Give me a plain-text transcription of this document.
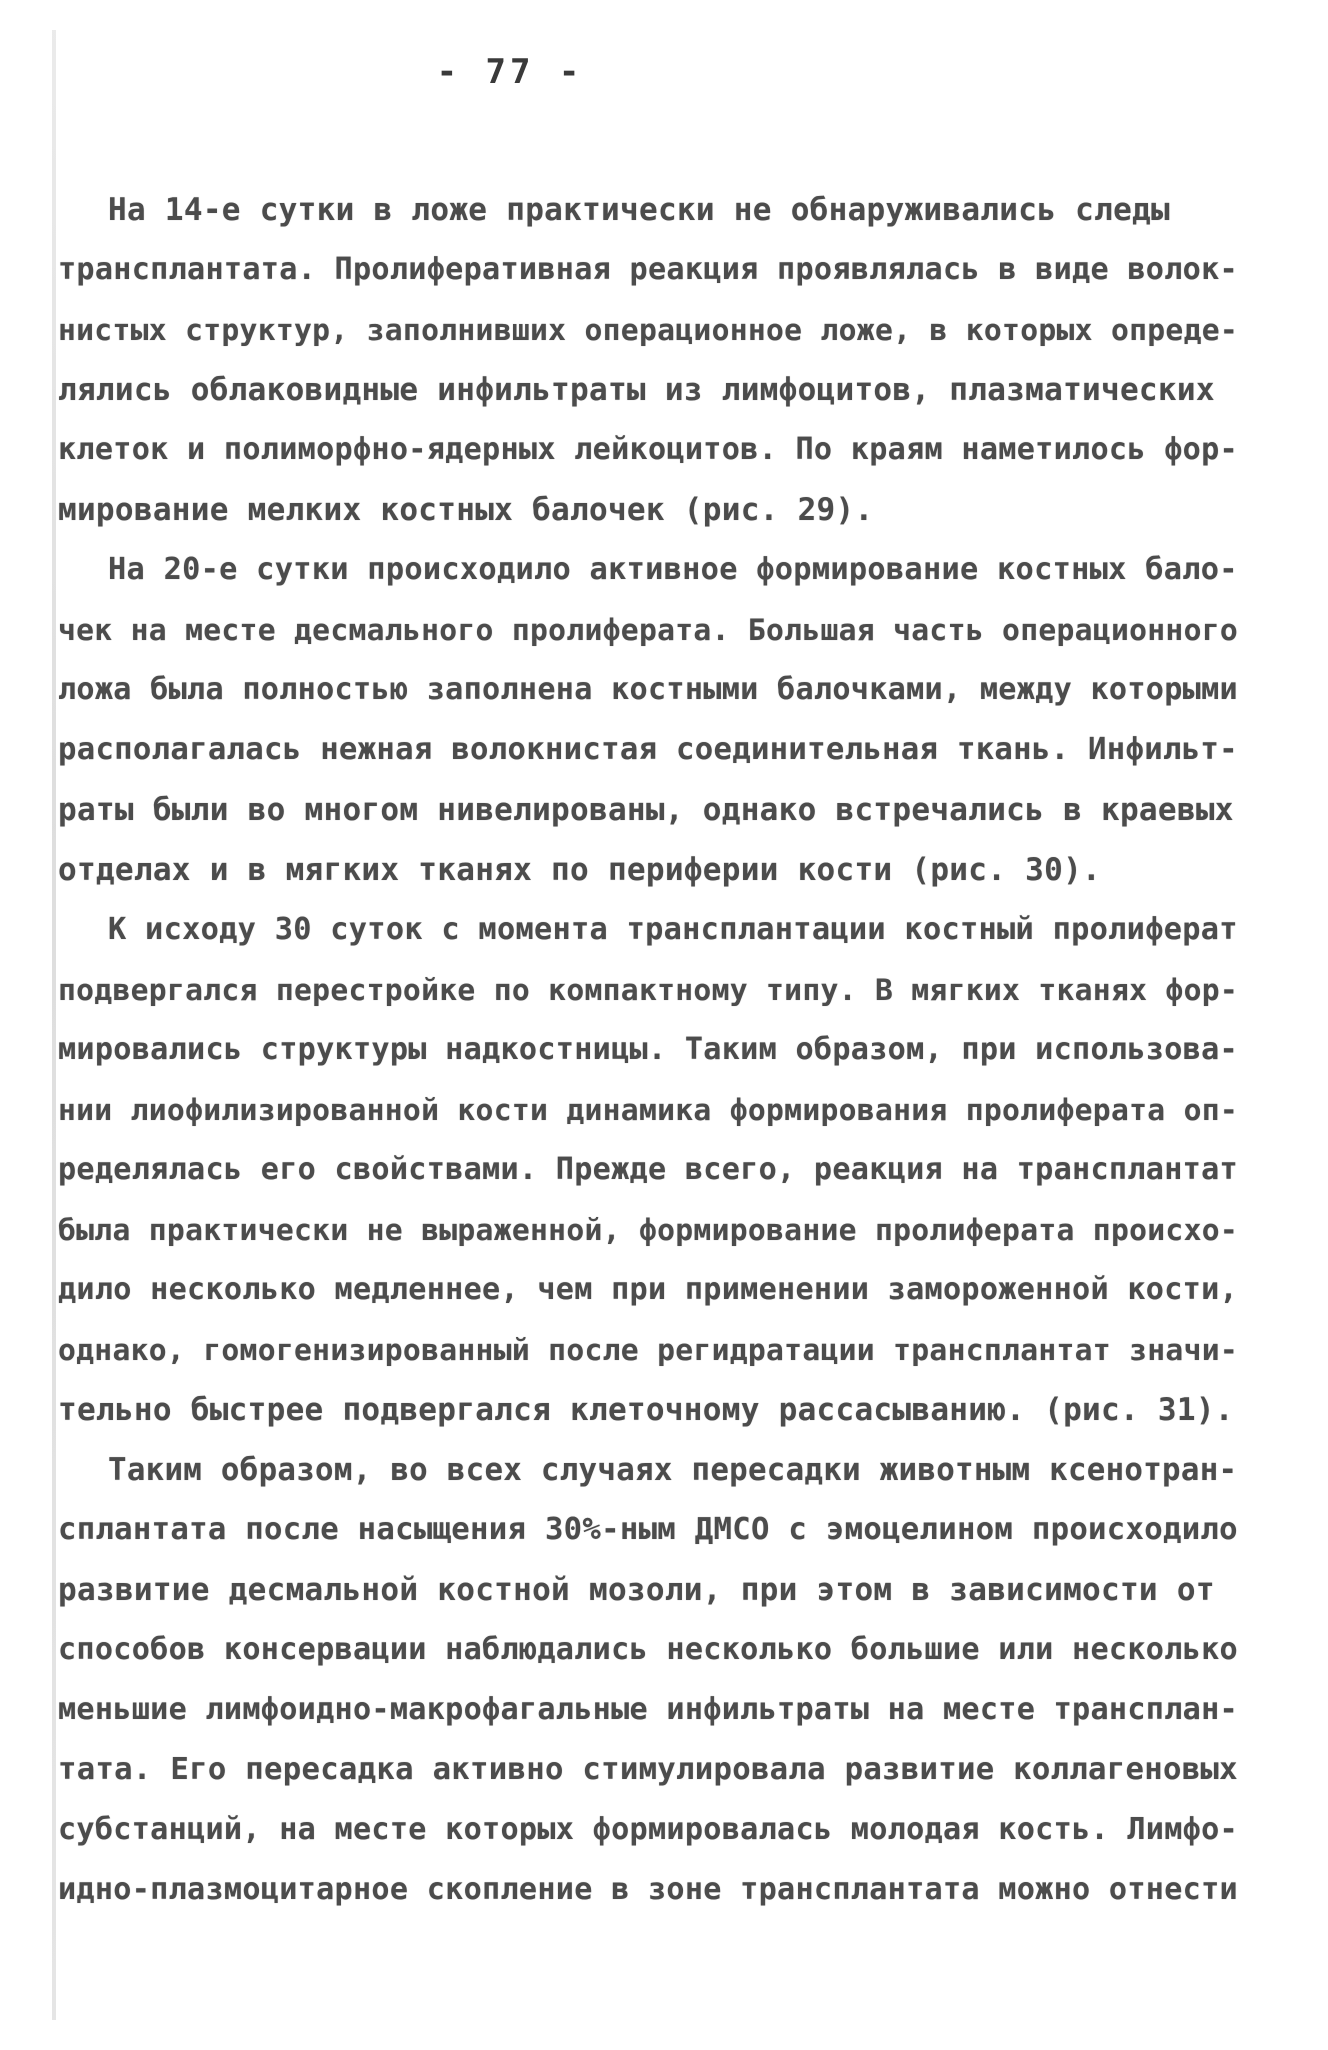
- 77 -
На 14-е сутки в ложе практически не обнаруживались следы
трансплантата. Пролиферативная реакция проявлялась в виде волок-
нистых структур, заполнивших операционное ложе, в которых опреде-
лялись облаковидные инфильтраты из лимфоцитов, плазматических
клеток и полиморфно-ядерных лейкоцитов. По краям наметилось фор-
мирование мелких костных балочек (рис. 29).
На 20-е сутки происходило активное формирование костных бало-
чек на месте десмального пролиферата. Большая часть операционного
ложа была полностью заполнена костными балочками, между которыми
располагалась нежная волокнистая соединительная ткань. Инфильт-
раты были во многом нивелированы, однако встречались в краевых
отделах и в мягких тканях по периферии кости (рис. 30).
К исходу 30 суток с момента трансплантации костный пролиферат
подвергался перестройке по компактному типу. В мягких тканях фор-
мировались структуры надкостницы. Таким образом, при использова-
нии лиофилизированной кости динамика формирования пролиферата оп-
ределялась его свойствами. Прежде всего, реакция на трансплантат
была практически не выраженной, формирование пролиферата происхо-
дило несколько медленнее, чем при применении замороженной кости,
однако, гомогенизированный после регидратации трансплантат значи-
тельно быстрее подвергался клеточному рассасыванию. (рис. 31).
Таким образом, во всех случаях пересадки животным ксенотран-
сплантата после насыщения 30%-ным ДМСО с эмоцелином происходило
развитие десмальной костной мозоли, при этом в зависимости от
способов консервации наблюдались несколько большие или несколько
меньшие лимфоидно-макрофагальные инфильтраты на месте трансплан-
тата. Его пересадка активно стимулировала развитие коллагеновых
субстанций, на месте которых формировалась молодая кость. Лимфо-
идно-плазмоцитарное скопление в зоне трансплантата можно отнести
